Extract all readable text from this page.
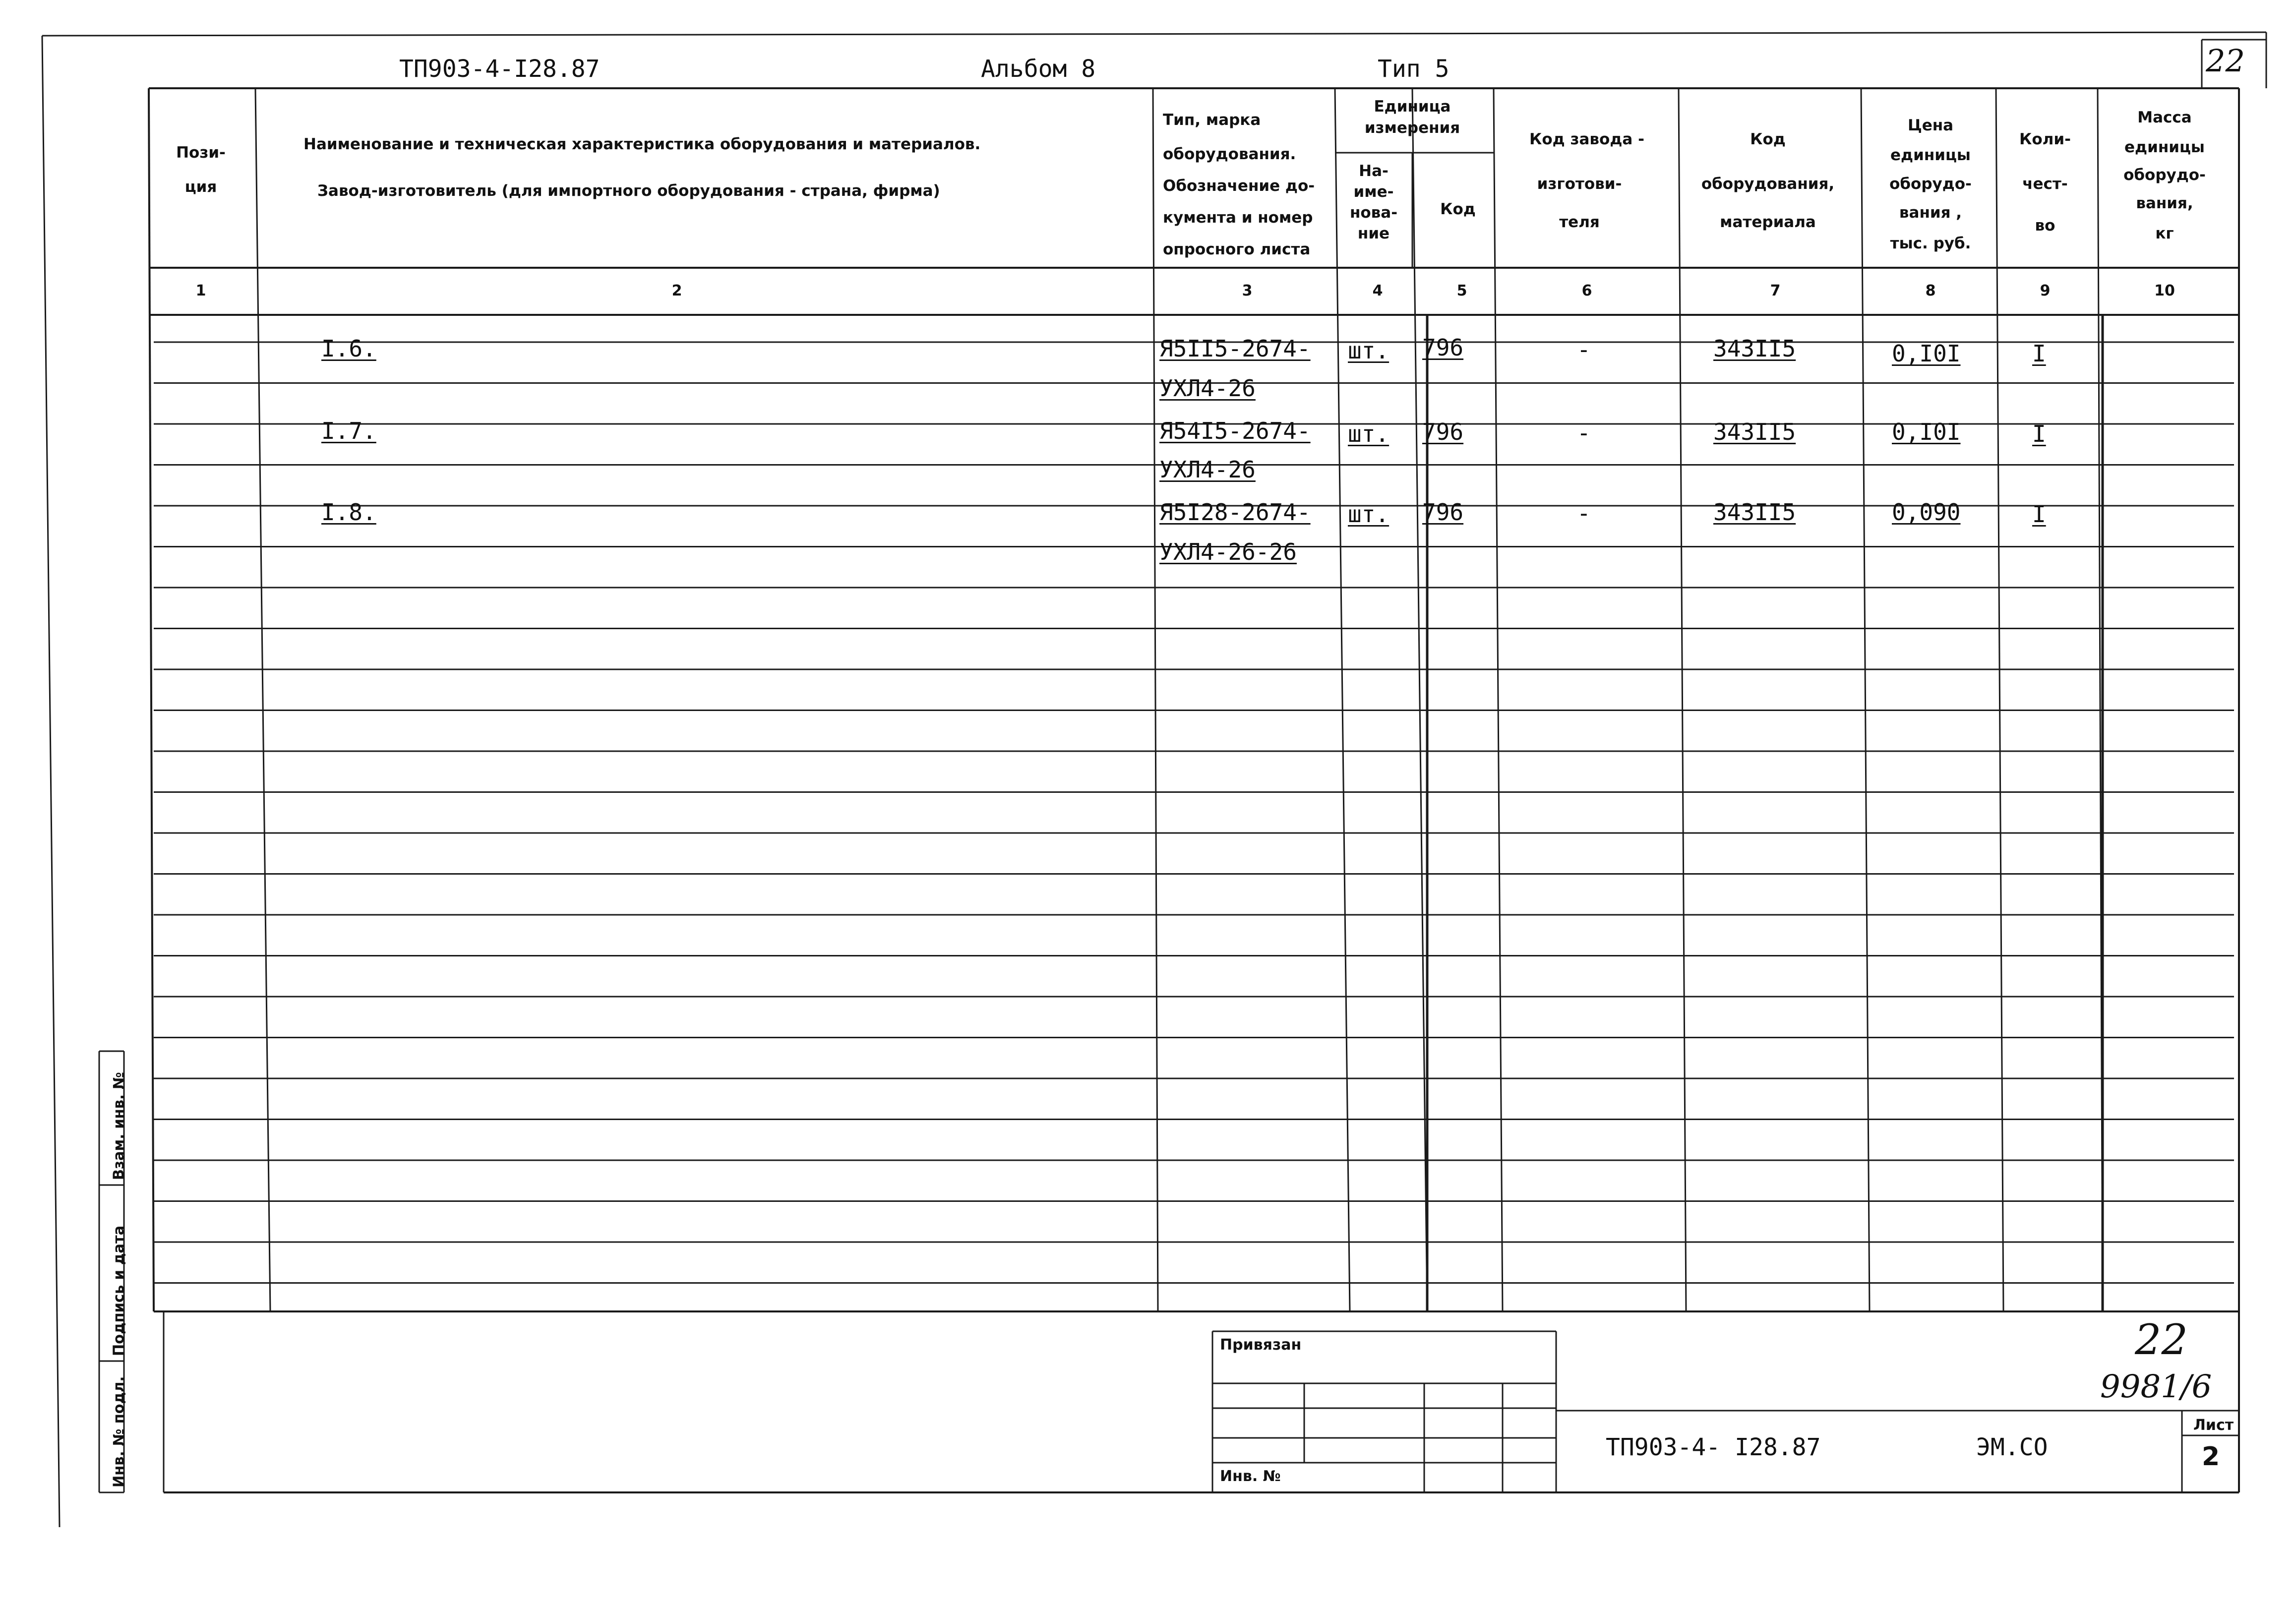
ТП903-4-I28.87	Альбом 8	Тип 5	22
Пози-
ция
Наименование и техническая характеристика оборудования и материалов.
Завод-изготовитель (для импортного оборудования - страна, фирма)
Тип, марка
оборудования.
Обозначение до-
кумента и номер
опросного листа
Единица
измерения
На-
име-
нова-
ние
Код
Код завода -
изготови-
теля
Код
оборудования,
материала
Цена
единицы
оборудо-
вания ,
тыс. руб.
Коли-
чест-
во
Масса
единицы
оборудо-
вания,
кг
1	2	3	4	5	6	7	8	9	10
I.6.	Я5II5-2674-
УХЛ4-26
шт. 796	-	343II5	0,I0I	I
I.7.	Я54I5-2674-
УХЛ4-26
шт. 796	-	343II5	0,I0I	I
I.8.	Я5I28-2674-
УХЛ4-26-26
шт. 796	-	343II5	0,090	I
Взам. инв. №
Подпись и дата
Инв. № подл.
Привязан
Инв. №
22
9981/6
ТП903-4- I28.87	ЭМ.СО
Лист
2
